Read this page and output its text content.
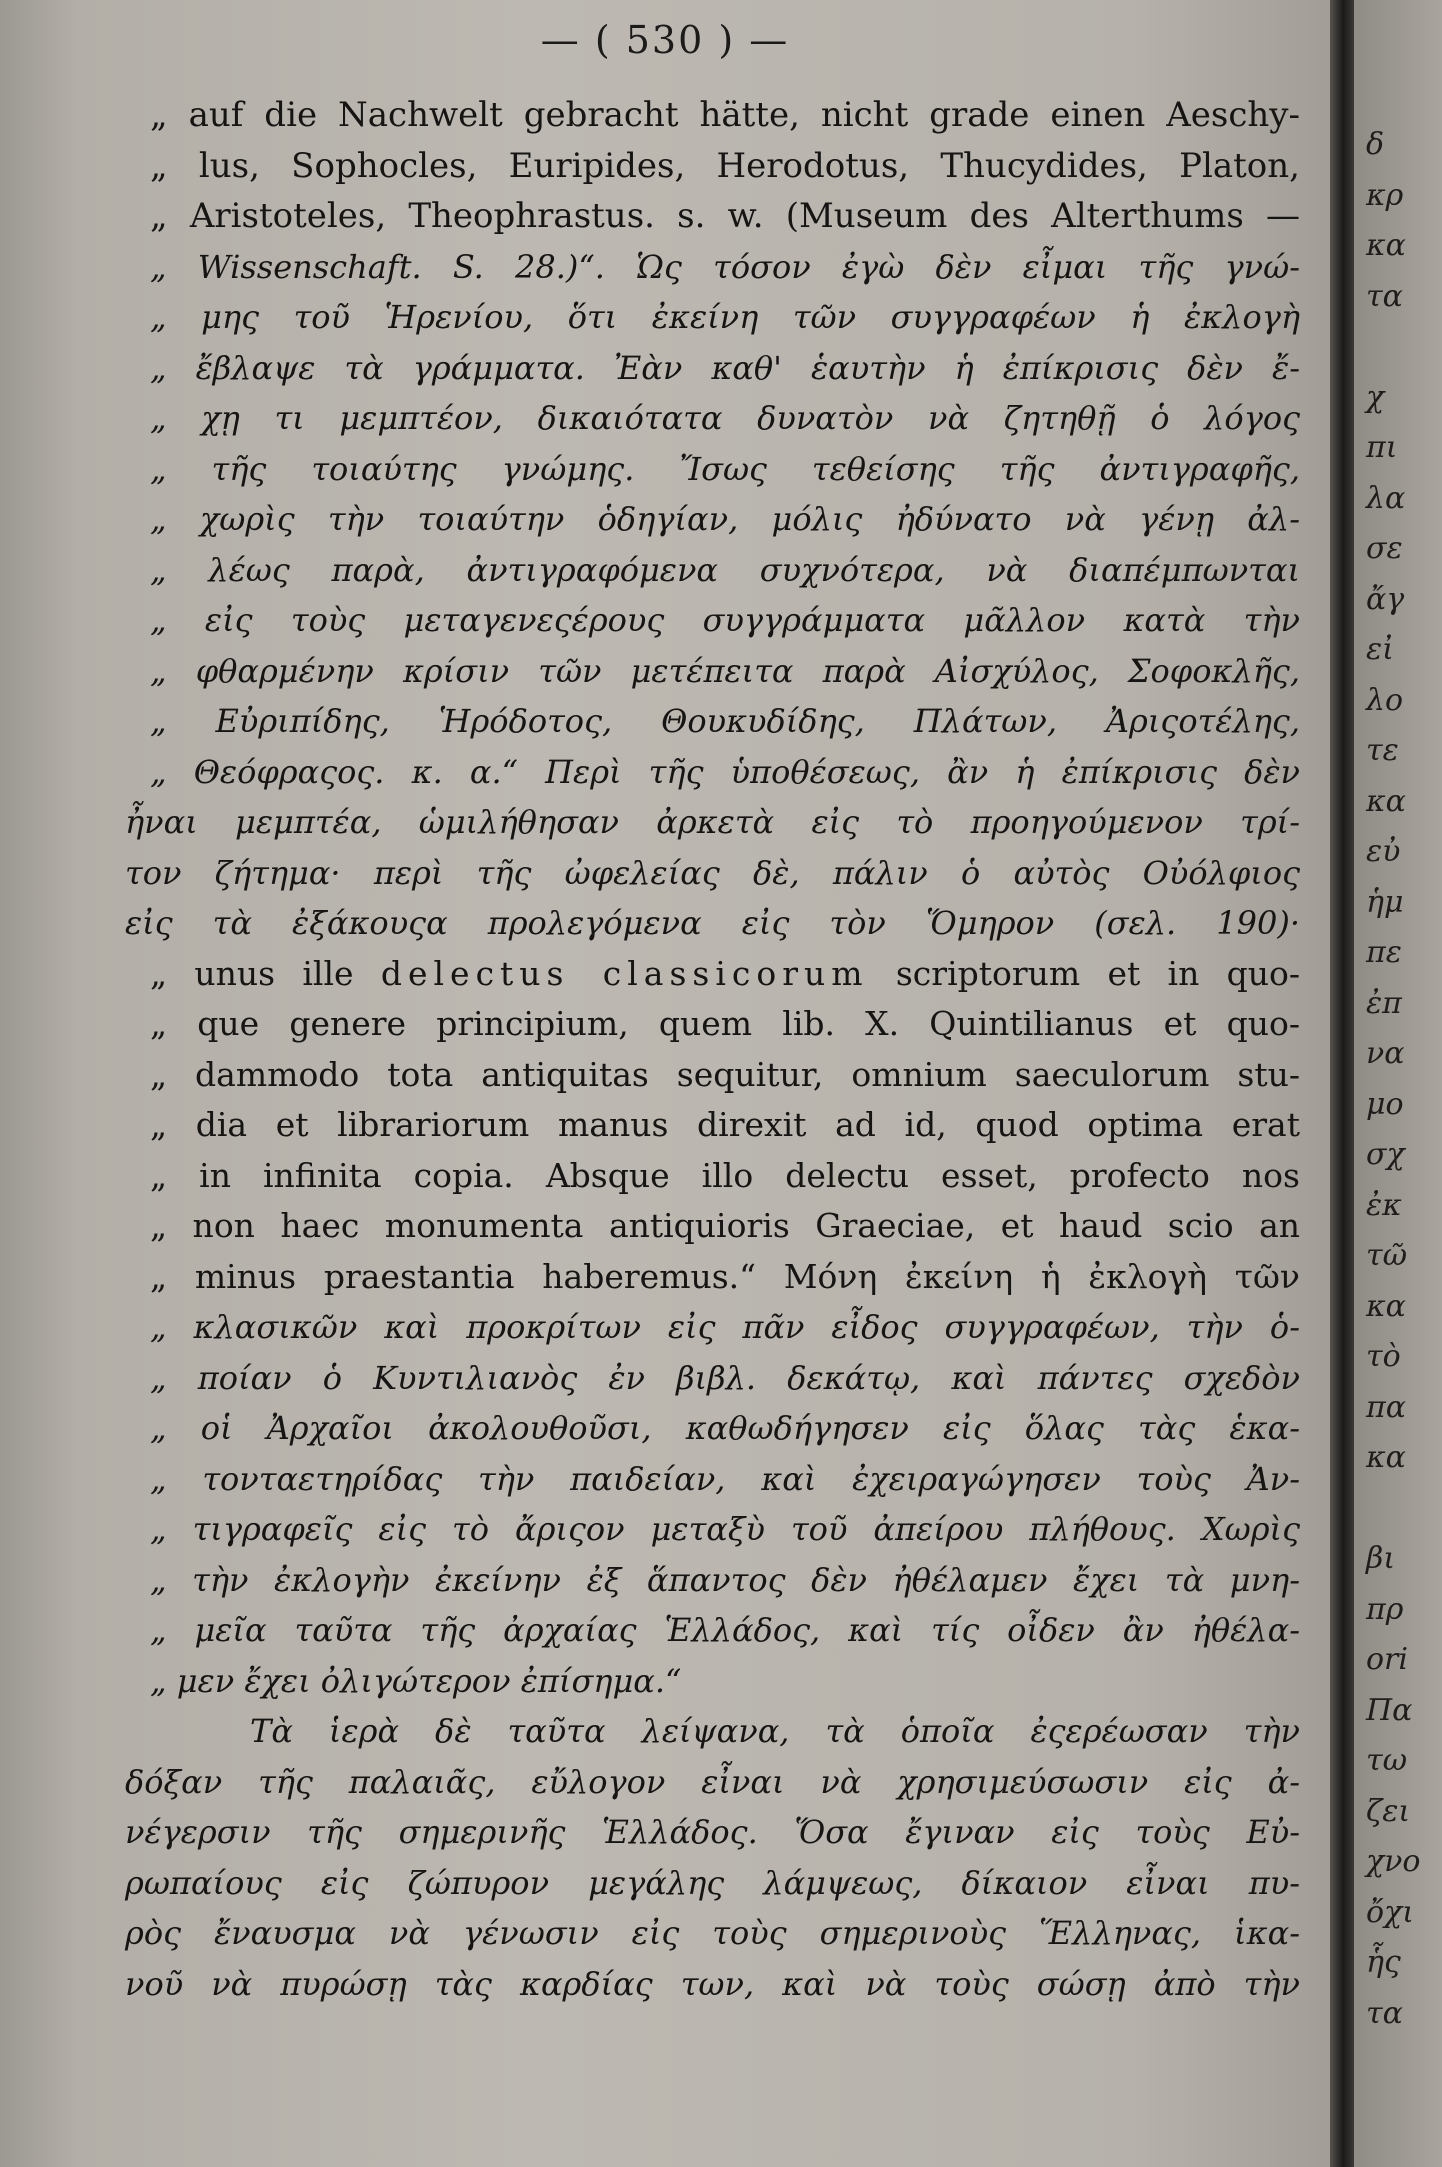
— ( 530 ) —
„ auf die Nachwelt gebracht hätte, nicht grade einen Aeschy-
„ lus, Sophocles, Euripides, Herodotus, Thucydides, Platon,
„ Aristoteles, Theophrastus. s. w. (Museum des Alterthums —
„ Wissenschaft. S. 28.)“. Ὡς τόσον ἐγὼ δὲν εἶμαι τῆς γνώ-
„ μης τοῦ Ἡρενίου, ὅτι ἐκείνη τῶν συγγραφέων ἡ ἐκλογὴ
„ ἔβλαψε τὰ γράμματα. Ἐὰν καθ' ἑαυτὴν ἡ ἐπίκρισις δὲν ἔ-
„ χῃ τι μεμπτέον, δικαιότατα δυνατὸν νὰ ζητηθῇ ὁ λόγος
„ τῆς τοιαύτης γνώμης. Ἴσως τεθείσης τῆς ἀντιγραφῆς,
„ χωρὶς τὴν τοιαύτην ὁδηγίαν, μόλις ἠδύνατο νὰ γένῃ ἀλ-
„ λέως παρὰ, ἀντιγραφόμενα συχνότερα, νὰ διαπέμπωνται
„ εἰς τοὺς μεταγενεςέρους συγγράμματα μᾶλλον κατὰ τὴν
„ φθαρμένην κρίσιν τῶν μετέπειτα παρὰ Αἰσχύλος, Σοφοκλῆς,
„ Εὐριπίδης, Ἡρόδοτος, Θουκυδίδης, Πλάτων, Ἀριςοτέλης,
„ Θεόφραςος. κ. α.“ Περὶ τῆς ὑποθέσεως, ἂν ἡ ἐπίκρισις δὲν
ἦναι μεμπτέα, ὡμιλήθησαν ἀρκετὰ εἰς τὸ προηγούμενον τρί-
τον ζήτημα· περὶ τῆς ὠφελείας δὲ, πάλιν ὁ αὐτὸς Οὐόλφιος
εἰς τὰ ἐξάκουςα προλεγόμενα εἰς τὸν Ὅμηρον (σελ. 190)·
„ unus ille delectus classicorum scriptorum et in quo-
„ que genere principium, quem lib. X. Quintilianus et quo-
„ dammodo tota antiquitas sequitur, omnium saeculorum stu-
„ dia et librariorum manus direxit ad id, quod optima erat
„ in infinita copia. Absque illo delectu esset, profecto nos
„ non haec monumenta antiquioris Graeciae, et haud scio an
„ minus praestantia haberemus.“ Μόνη ἐκείνη ἡ ἐκλογὴ τῶν
„ κλασικῶν καὶ προκρίτων εἰς πᾶν εἶδος συγγραφέων, τὴν ὁ-
„ ποίαν ὁ Κυντιλιανὸς ἐν βιβλ. δεκάτῳ, καὶ πάντες σχεδὸν
„ οἱ Ἀρχαῖοι ἀκολουθοῦσι, καθωδήγησεν εἰς ὅλας τὰς ἑκα-
„ τονταετηρίδας τὴν παιδείαν, καὶ ἐχειραγώγησεν τοὺς Ἀν-
„ τιγραφεῖς εἰς τὸ ἄριςον μεταξὺ τοῦ ἀπείρου πλήθους. Χωρὶς
„ τὴν ἐκλογὴν ἐκείνην ἐξ ἅπαντος δὲν ἠθέλαμεν ἔχει τὰ μνη-
„ μεῖα ταῦτα τῆς ἀρχαίας Ἑλλάδος, καὶ τίς οἶδεν ἂν ἠθέλα-
„ μεν ἔχει ὀλιγώτερον ἐπίσημα.“
Τὰ ἱερὰ δὲ ταῦτα λείψανα, τὰ ὁποῖα ἐςερέωσαν τὴν
δόξαν τῆς παλαιᾶς, εὔλογον εἶναι νὰ χρησιμεύσωσιν εἰς ἀ-
νέγερσιν τῆς σημερινῆς Ἑλλάδος. Ὅσα ἔγιναν εἰς τοὺς Εὐ-
ρωπαίους εἰς ζώπυρον μεγάλης λάμψεως, δίκαιον εἶναι πυ-
ρὸς ἔναυσμα νὰ γένωσιν εἰς τοὺς σημερινοὺς Ἕλληνας, ἱκα-
νοῦ νὰ πυρώσῃ τὰς καρδίας των, καὶ νὰ τοὺς σώσῃ ἀπὸ τὴν
δ
κρ
κα
τα
χ
πι
λα
σε
ἄγ
εἰ
λο
τε
κα
εὐ
ἡμ
πε
ἐπ
να
μο
σχ
ἐκ
τῶ
κα
τὸ
πα
κα
βι
πρ
ori
Πα
τω
ζει
χνο
ὄχι
ἧς
τα
